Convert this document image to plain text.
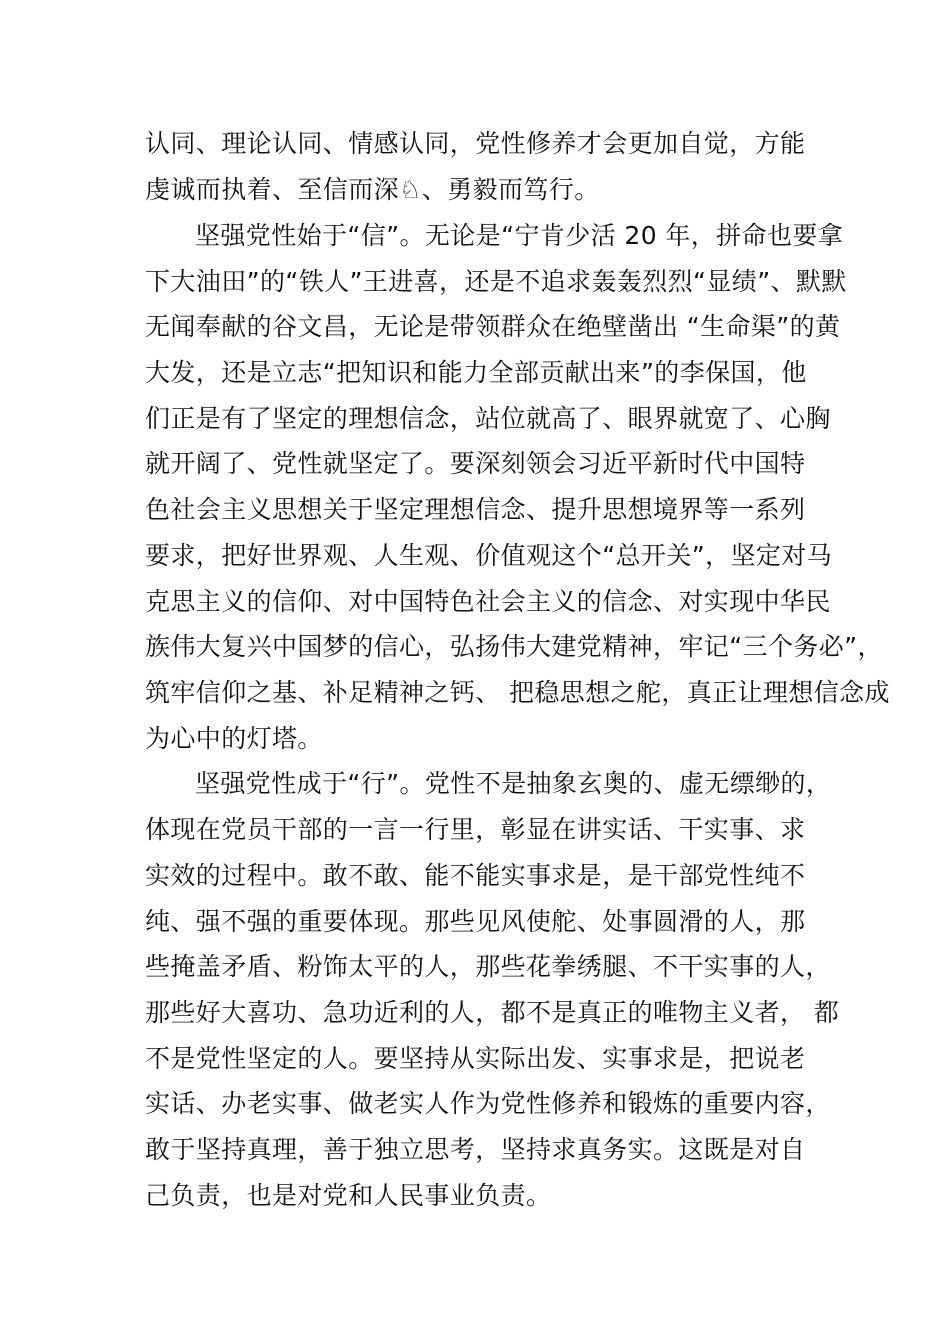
认同、理论认同、情感认同，党性修养才会更加自觉，方能
虔诚而执着、至信而深♘、勇毅而笃行。
坚强党性始于“信”。无论是“宁肯少活 20 年，拼命也要拿
下大油田”的“铁人”王进喜，还是不追求轰轰烈烈“显绩”、默默
无闻奉献的谷文昌，无论是带领群众在绝壁凿出 “生命渠”的黄
大发，还是立志“把知识和能力全部贡献出来”的李保国，他
们正是有了坚定的理想信念，站位就高了、眼界就宽了、心胸
就开阔了、党性就坚定了。要深刻领会习近平新时代中国特
色社会主义思想关于坚定理想信念、提升思想境界等一系列
要求，把好世界观、人生观、价值观这个“总开关”，坚定对马
克思主义的信仰、对中国特色社会主义的信念、对实现中华民
族伟大复兴中国梦的信心，弘扬伟大建党精神，牢记“三个务必”，
筑牢信仰之基、补足精神之钙、 把稳思想之舵，真正让理想信念成
为心中的灯塔。
坚强党性成于“行”。党性不是抽象玄奥的、虚无缥缈的，
体现在党员干部的一言一行里，彰显在讲实话、干实事、求
实效的过程中。敢不敢、能不能实事求是，是干部党性纯不
纯、强不强的重要体现。那些见风使舵、处事圆滑的人，那
些掩盖矛盾、粉饰太平的人，那些花拳绣腿、不干实事的人，
那些好大喜功、急功近利的人，都不是真正的唯物主义者， 都
不是党性坚定的人。要坚持从实际出发、实事求是，把说老
实话、办老实事、做老实人作为党性修养和锻炼的重要内容，
敢于坚持真理，善于独立思考，坚持求真务实。这既是对自
己负责，也是对党和人民事业负责。
